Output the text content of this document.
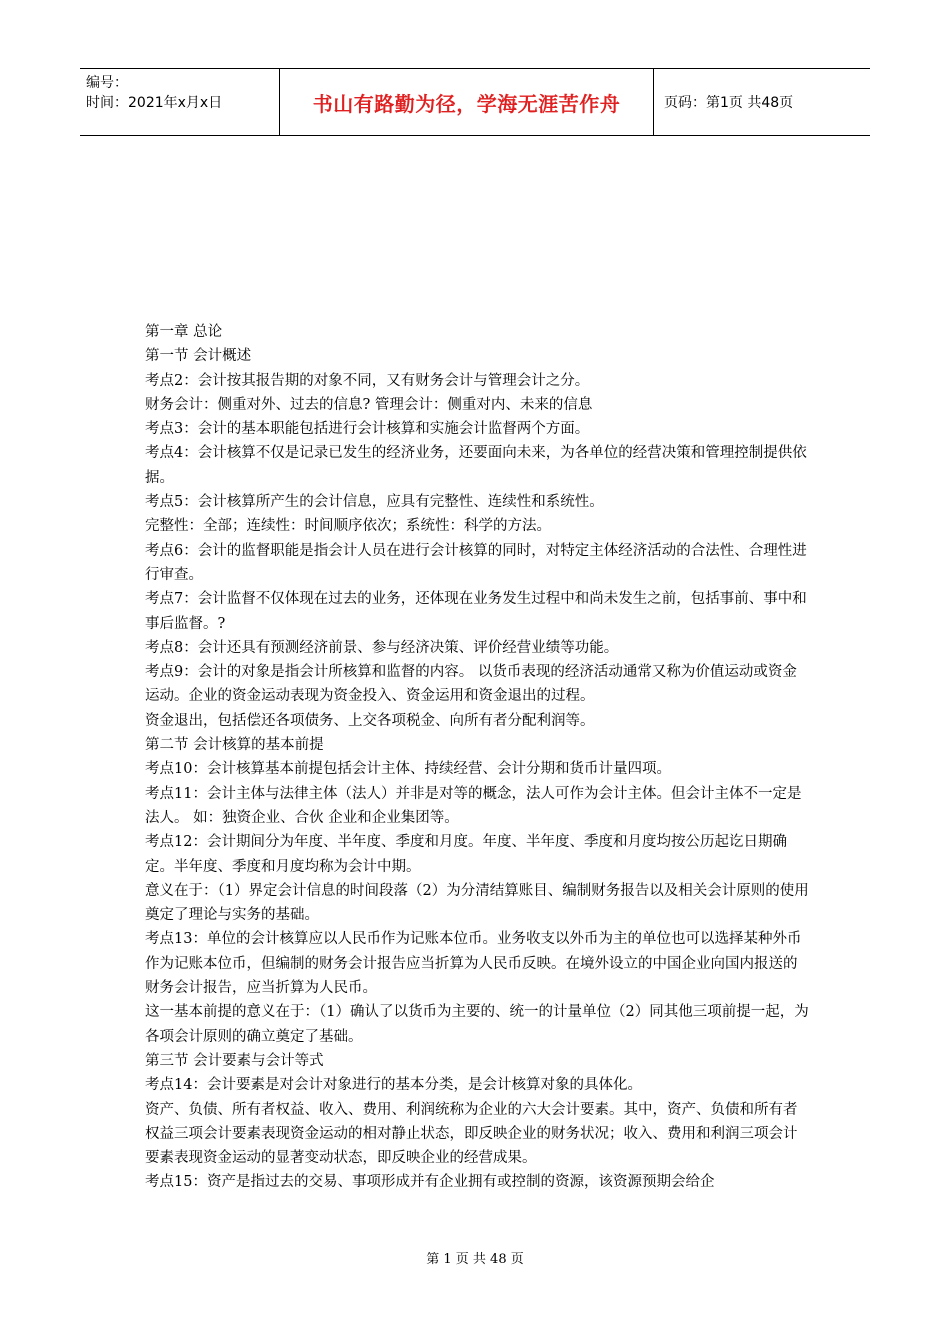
编号：
时间：2021年x月x日	书山有路勤为径，学海无涯苦作舟	页码：第1页 共48页

第一章 总论

第一节 会计概述

考点2：会计按其报告期的对象不同，又有财务会计与管理会计之分。

财务会计：侧重对外、过去的信息? 管理会计：侧重对内、未来的信息

考点3：会计的基本职能包括进行会计核算和实施会计监督两个方面。

考点4：会计核算不仅是记录已发生的经济业务，还要面向未来，为各单位的经营决策和管理控制提供依据。

考点5：会计核算所产生的会计信息，应具有完整性、连续性和系统性。

完整性：全部；连续性：时间顺序依次；系统性：科学的方法。

考点6：会计的监督职能是指会计人员在进行会计核算的同时，对特定主体经济活动的合法性、合理性进行审查。

考点7：会计监督不仅体现在过去的业务，还体现在业务发生过程中和尚未发生之前，包括事前、事中和事后监督。?

考点8：会计还具有预测经济前景、参与经济决策、评价经营业绩等功能。

考点9：会计的对象是指会计所核算和监督的内容。 以货币表现的经济活动通常又称为价值运动或资金运动。企业的资金运动表现为资金投入、资金运用和资金退出的过程。

资金退出，包括偿还各项债务、上交各项税金、向所有者分配利润等。

第二节 会计核算的基本前提

考点10：会计核算基本前提包括会计主体、持续经营、会计分期和货币计量四项。

考点11：会计主体与法律主体（法人）并非是对等的概念，法人可作为会计主体。但会计主体不一定是法人。 如：独资企业、合伙 企业和企业集团等。

考点12：会计期间分为年度、半年度、季度和月度。年度、半年度、季度和月度均按公历起讫日期确定。半年度、季度和月度均称为会计中期。

意义在于：（1）界定会计信息的时间段落（2）为分清结算账目、编制财务报告以及相关会计原则的使用奠定了理论与实务的基础。

考点13：单位的会计核算应以人民币作为记账本位币。业务收支以外币为主的单位也可以选择某种外币作为记账本位币，但编制的财务会计报告应当折算为人民币反映。在境外设立的中国企业向国内报送的财务会计报告，应当折算为人民币。

这一基本前提的意义在于：（1）确认了以货币为主要的、统一的计量单位（2）同其他三项前提一起，为各项会计原则的确立奠定了基础。

第三节 会计要素与会计等式

考点14：会计要素是对会计对象进行的基本分类，是会计核算对象的具体化。

资产、负债、所有者权益、收入、费用、利润统称为企业的六大会计要素。其中，资产、负债和所有者权益三项会计要素表现资金运动的相对静止状态，即反映企业的财务状况；收入、费用和利润三项会计要素表现资金运动的显著变动状态，即反映企业的经营成果。

考点15：资产是指过去的交易、事项形成并有企业拥有或控制的资源，该资源预期会给企

第 1 页 共 48 页
